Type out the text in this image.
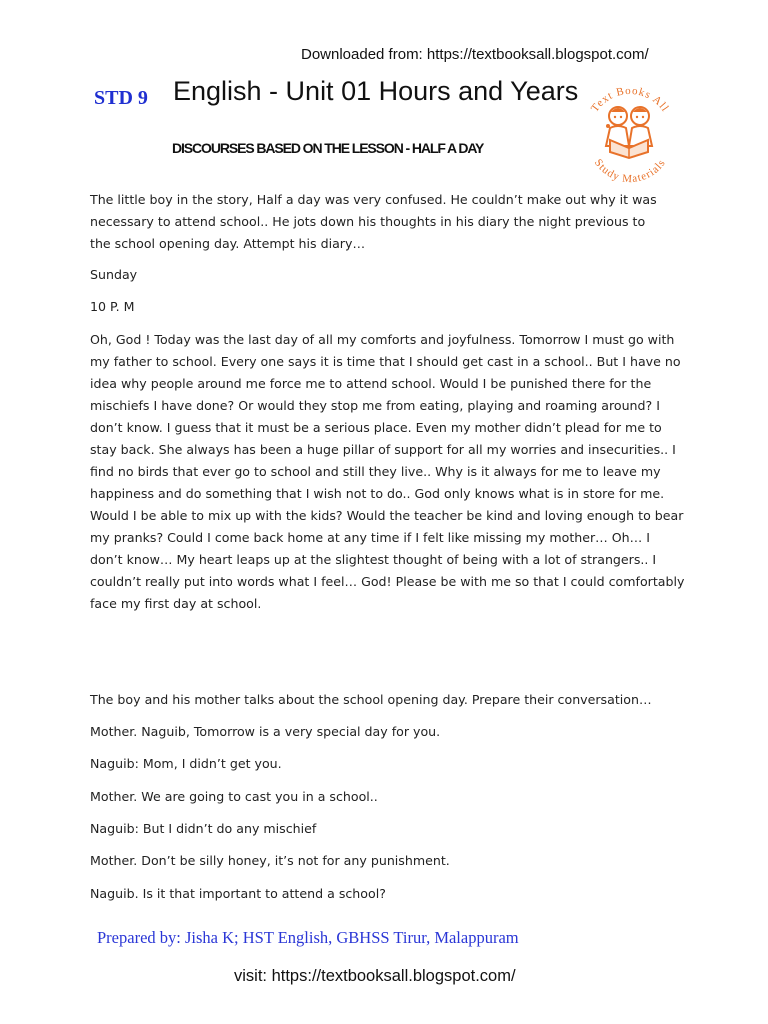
Downloaded from: https://textbooksall.blogspot.com/
STD 9 English - Unit 01 Hours and Years
Text Books All
Study Materials
DISCOURSES BASED ON THE LESSON - HALF A DAY

The little boy in the story, Half a day was very confused. He couldn’t make out why it was necessary to attend school.. He jots down his thoughts in his diary the night previous to the school opening day. Attempt his diary…

Sunday

10 P. M

Oh, God ! Today was the last day of all my comforts and joyfulness. Tomorrow I must go with my father to school. Every one says it is time that I should get cast in a school.. But I have no idea why people around me force me to attend school. Would I be punished there for the mischiefs I have done? Or would they stop me from eating, playing and roaming around? I don’t know. I guess that it must be a serious place. Even my mother didn’t plead for me to stay back. She always has been a huge pillar of support for all my worries and insecurities.. I find no birds that ever go to school and still they live.. Why is it always for me to leave my happiness and do something that I wish not to do.. God only knows what is in store for me. Would I be able to mix up with the kids? Would the teacher be kind and loving enough to bear my pranks? Could I come back home at any time if I felt like missing my mother… Oh… I don’t know… My heart leaps up at the slightest thought of being with a lot of strangers.. I couldn’t really put into words what I feel… God! Please be with me so that I could comfortably face my first day at school.

The boy and his mother talks about the school opening day. Prepare their conversation…

Mother. Naguib, Tomorrow is a very special day for you.
Naguib: Mom, I didn’t get you.
Mother. We are going to cast you in a school..
Naguib: But I didn’t do any mischief
Mother. Don’t be silly honey, it’s not for any punishment.
Naguib. Is it that important to attend a school?
Prepared by: Jisha K; HST English, GBHSS Tirur, Malappuram
visit: https://textbooksall.blogspot.com/
